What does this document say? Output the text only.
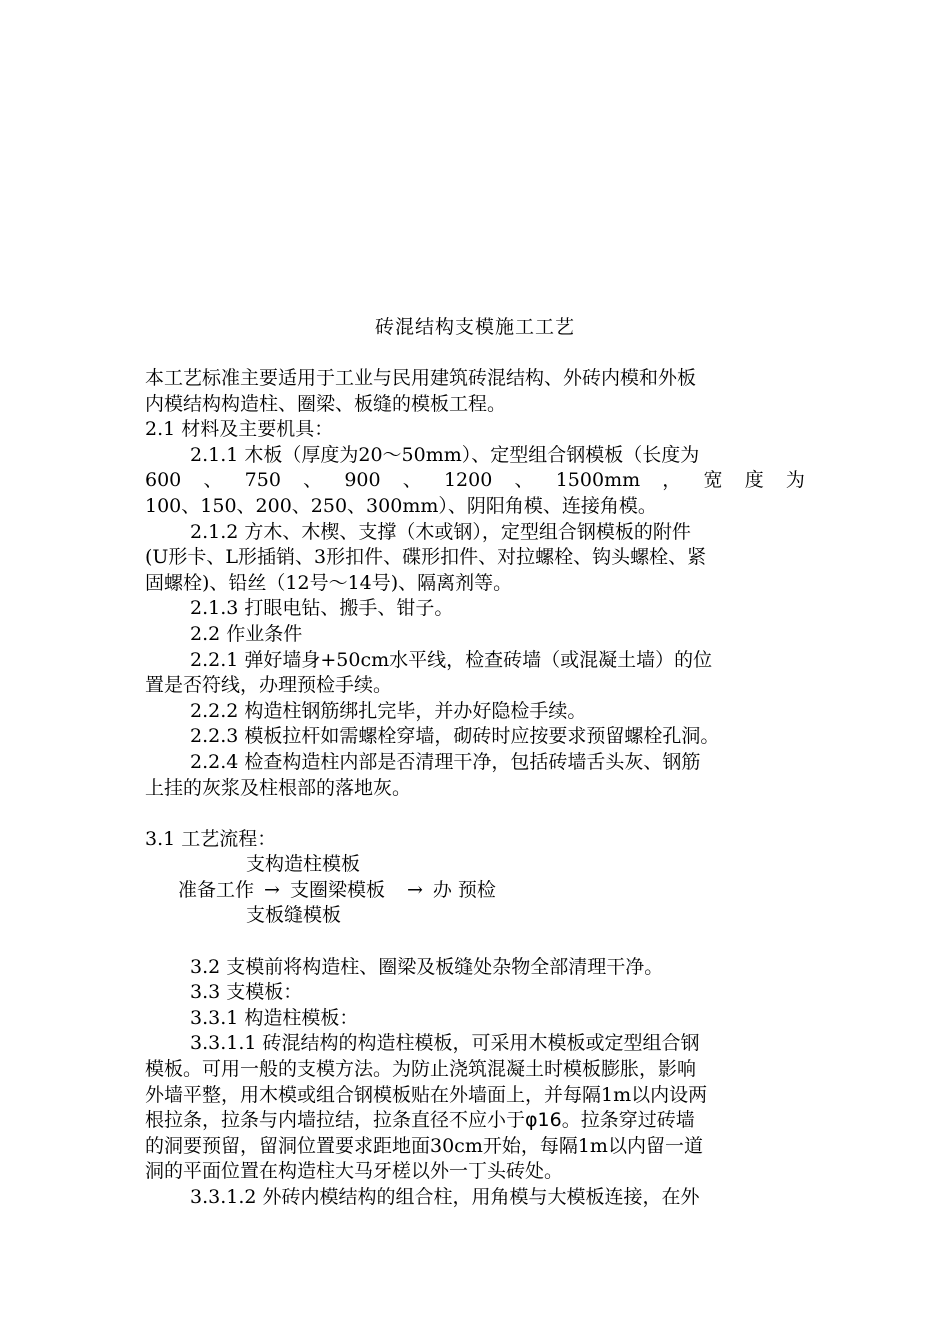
砖混结构支模施工工艺

本工艺标准主要适用于工业与民用建筑砖混结构、外砖内模和外板

内模结构构造柱、圈梁、板缝的模板工程。

2.1 材料及主要机具：

2.1.1 木板（厚度为20～50mm）、定型组合钢模板（长度为

600 、 750 、 900 、 1200 、 1500mm ， 宽 度 为

100、150、200、250、300mm）、阴阳角模、连接角模。

2.1.2 方木、木楔、支撑（木或钢），定型组合钢模板的附件

(U形卡、L形插销、3形扣件、碟形扣件、对拉螺栓、钩头螺栓、紧

固螺栓)、铅丝（12号～14号)、隔离剂等。

2.1.3 打眼电钻、搬手、钳子。

2.2 作业条件

2.2.1 弹好墙身+50cm水平线，检查砖墙（或混凝土墙）的位

置是否符线，办理预检手续。

2.2.2 构造柱钢筋绑扎完毕，并办好隐检手续。

2.2.3 模板拉杆如需螺栓穿墙，砌砖时应按要求预留螺栓孔洞。

2.2.4 检查构造柱内部是否清理干净，包括砖墙舌头灰、钢筋

上挂的灰浆及柱根部的落地灰。

3.1 工艺流程：

支构造柱模板

准备工作 → 支圈梁模板 → 办 预检

支板缝模板

3.2 支模前将构造柱、圈梁及板缝处杂物全部清理干净。

3.3 支模板：

3.3.1 构造柱模板：

3.3.1.1 砖混结构的构造柱模板，可采用木模板或定型组合钢

模板。可用一般的支模方法。为防止浇筑混凝土时模板膨胀，影响

外墙平整，用木模或组合钢模板贴在外墙面上，并每隔1m以内设两

根拉条，拉条与内墙拉结，拉条直径不应小于φ16。拉条穿过砖墙

的洞要预留，留洞位置要求距地面30cm开始，每隔1m以内留一道

洞的平面位置在构造柱大马牙槎以外一丁头砖处。

3.3.1.2 外砖内模结构的组合柱，用角模与大模板连接，在外
